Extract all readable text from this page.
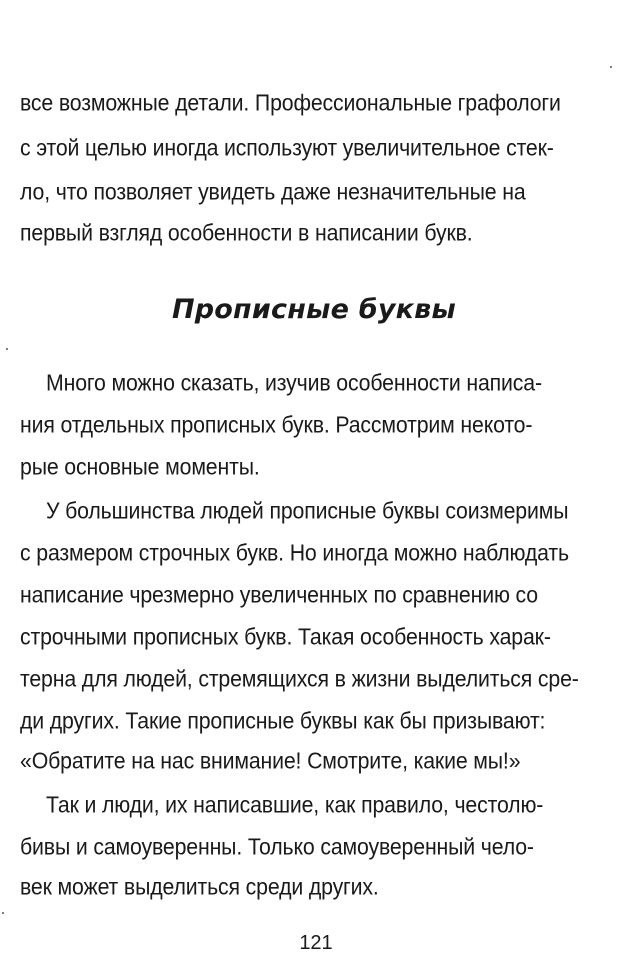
все возможные детали. Профессиональные графологи
с этой целью иногда используют увеличительное стек-
ло, что позволяет увидеть даже незначительные на
первый взгляд особенности в написании букв.
Прописные буквы
Много можно сказать, изучив особенности написа-
ния отдельных прописных букв. Рассмотрим некото-
рые основные моменты.
У большинства людей прописные буквы соизмеримы
с размером строчных букв. Но иногда можно наблюдать
написание чрезмерно увеличенных по сравнению со
строчными прописных букв. Такая особенность харак-
терна для людей, стремящихся в жизни выделиться сре-
ди других. Такие прописные буквы как бы призывают:
«Обратите на нас внимание! Смотрите, какие мы!»
Так и люди, их написавшие, как правило, честолю-
бивы и самоуверенны. Только самоуверенный чело-
век может выделиться среди других.
121
